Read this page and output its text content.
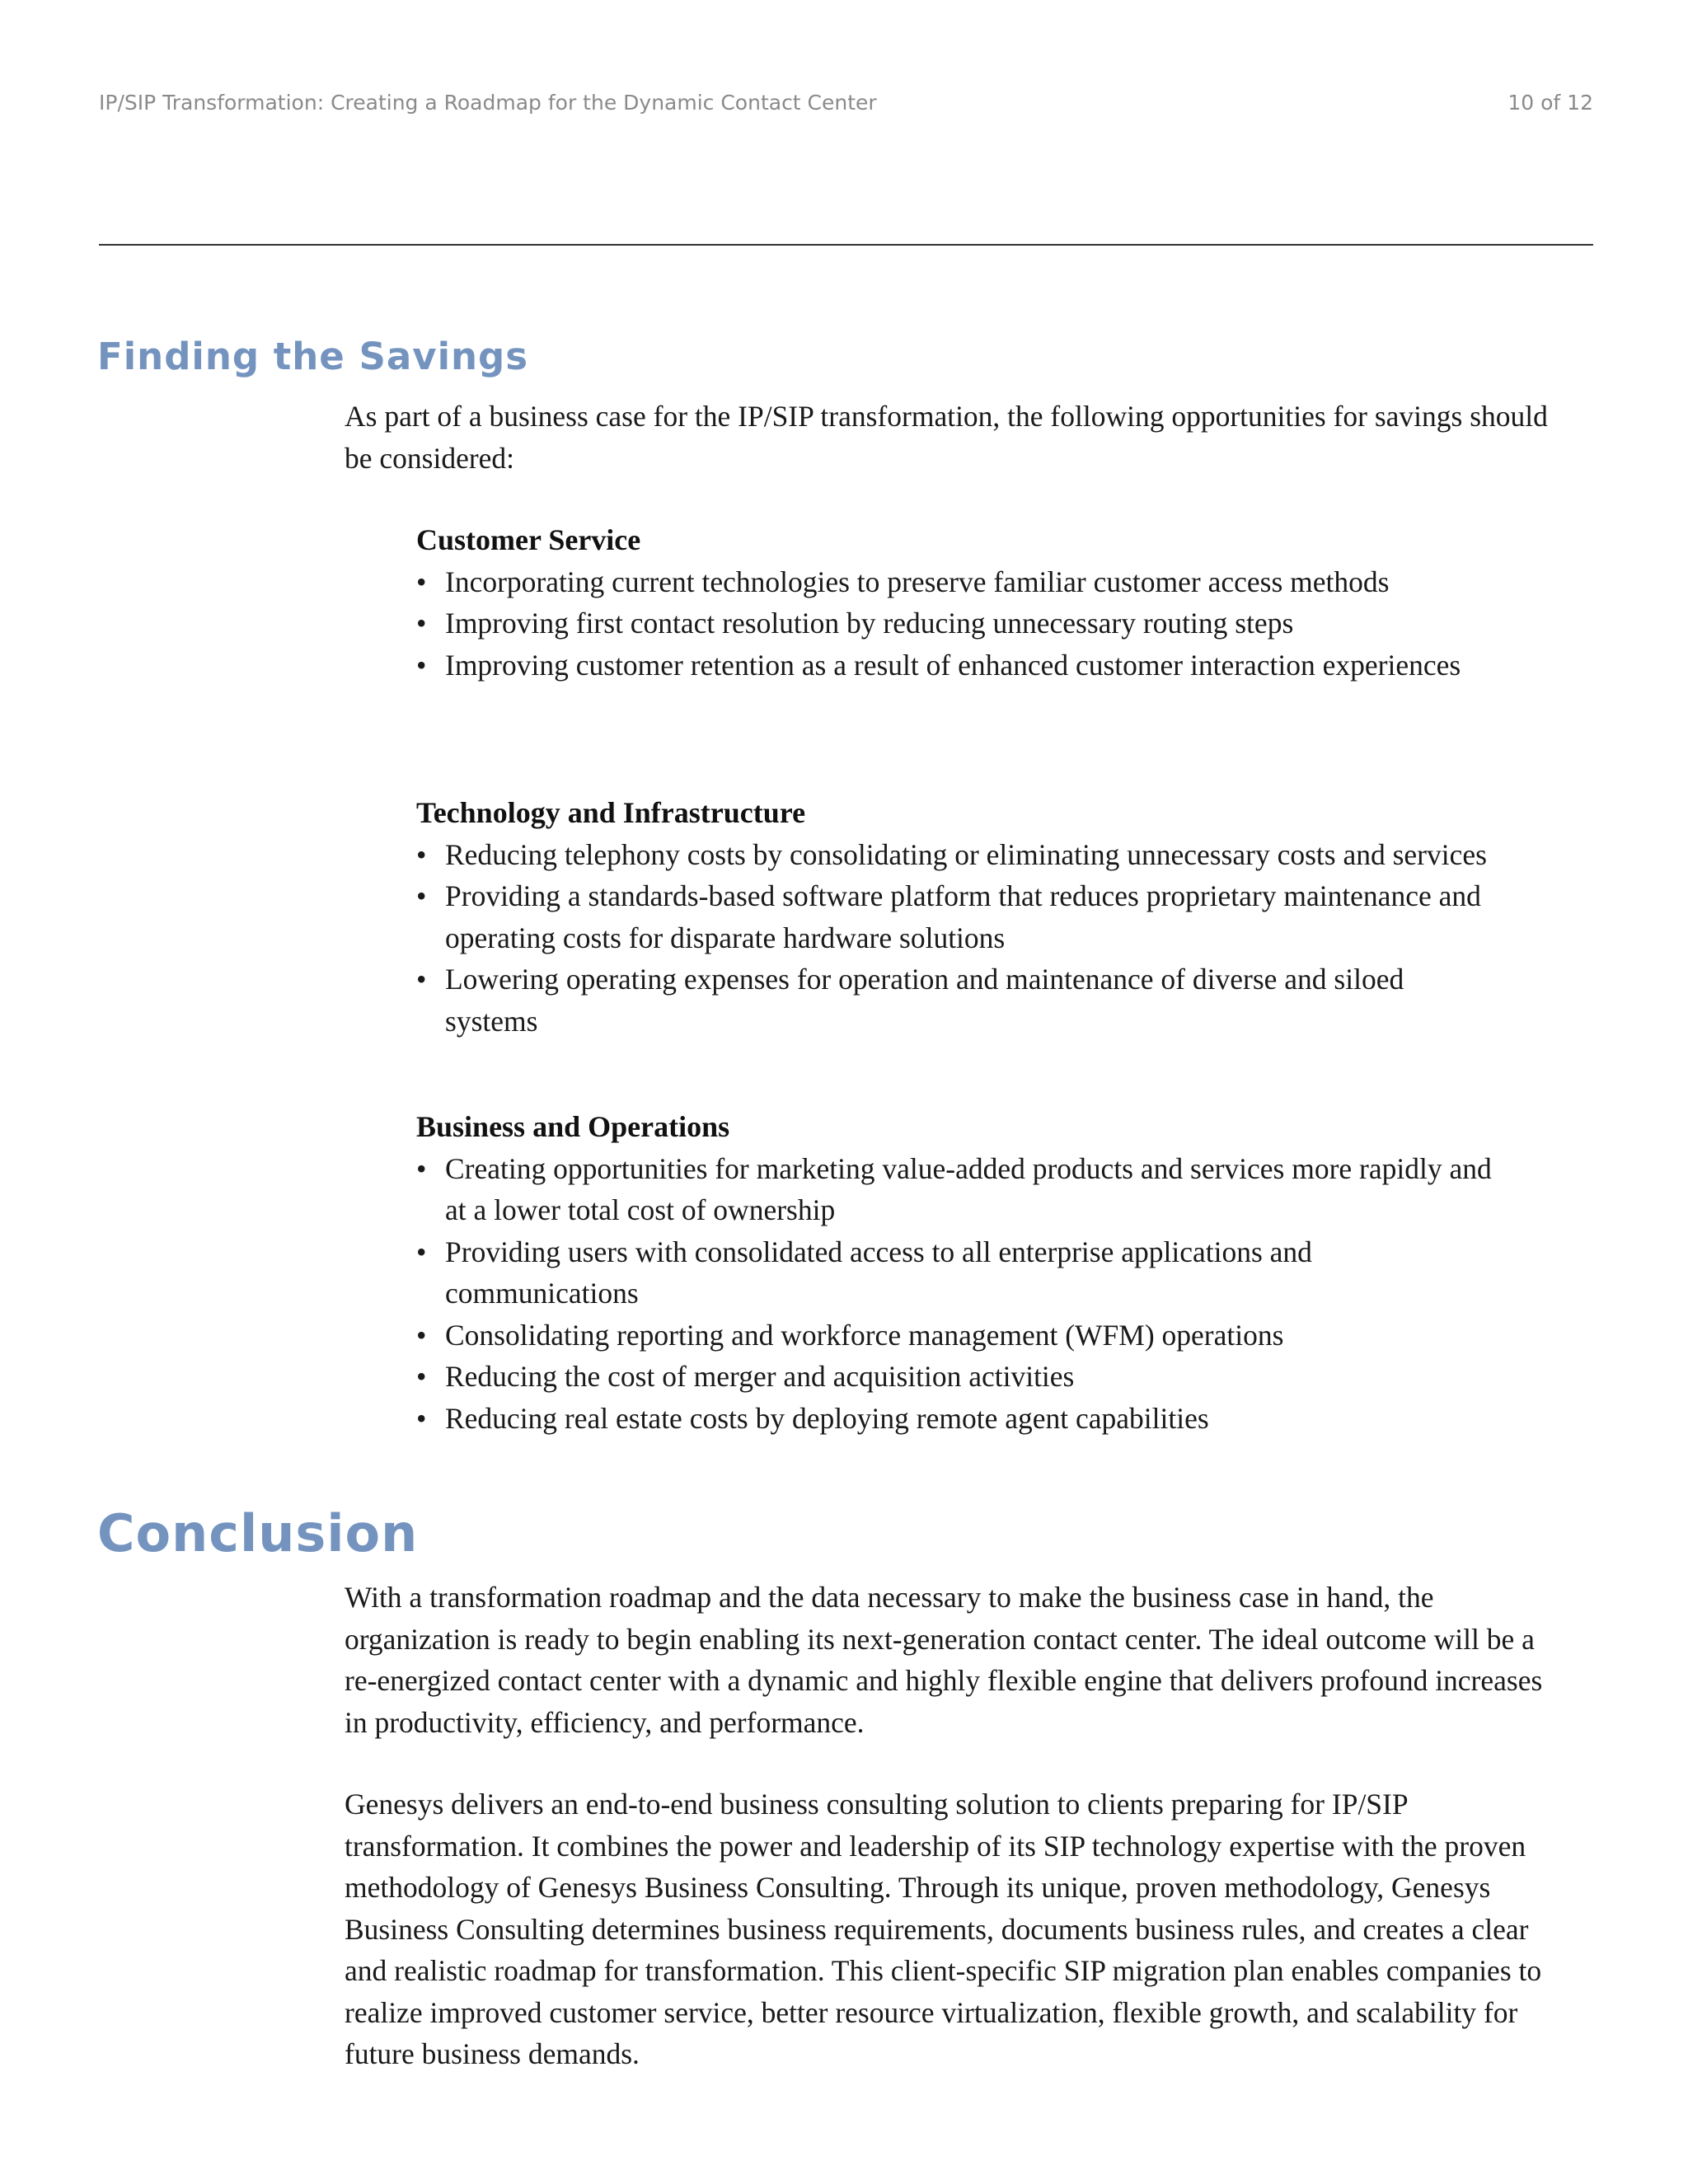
IP/SIP Transformation: Creating a Roadmap for the Dynamic Contact Center	10 of 12
Finding the Savings

As part of a business case for the IP/SIP transformation, the following opportunities for savings should be considered:

Customer Service
• Incorporating current technologies to preserve familiar customer access methods
• Improving first contact resolution by reducing unnecessary routing steps
• Improving customer retention as a result of enhanced customer interaction experiences
Technology and Infrastructure
• Reducing telephony costs by consolidating or eliminating unnecessary costs and services
• Providing a standards-based software platform that reduces proprietary maintenance and operating costs for disparate hardware solutions
• Lowering operating expenses for operation and maintenance of diverse and siloed systems
Business and Operations
• Creating opportunities for marketing value-added products and services more rapidly and at a lower total cost of ownership
• Providing users with consolidated access to all enterprise applications and communications
• Consolidating reporting and workforce management (WFM) operations
• Reducing the cost of merger and acquisition activities
• Reducing real estate costs by deploying remote agent capabilities
Conclusion

With a transformation roadmap and the data necessary to make the business case in hand, the organization is ready to begin enabling its next-generation contact center. The ideal outcome will be a re-energized contact center with a dynamic and highly flexible engine that delivers profound increases in productivity, efficiency, and performance.

Genesys delivers an end-to-end business consulting solution to clients preparing for IP/SIP transformation. It combines the power and leadership of its SIP technology expertise with the proven methodology of Genesys Business Consulting. Through its unique, proven methodology, Genesys Business Consulting determines business requirements, documents business rules, and creates a clear and realistic roadmap for transformation. This client-specific SIP migration plan enables companies to realize improved customer service, better resource virtualization, flexible growth, and scalability for future business demands.
